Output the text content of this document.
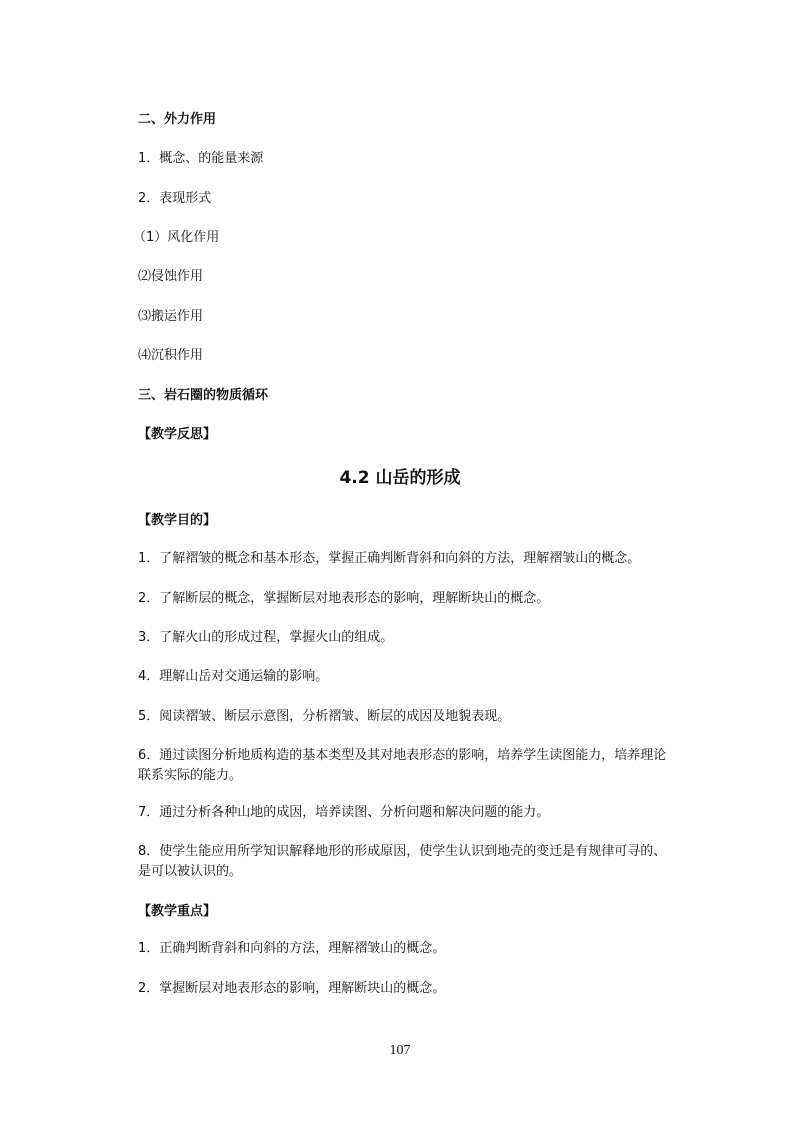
二、外力作用
1．概念、的能量来源
2．表现形式
（1）风化作用
⑵侵蚀作用
⑶搬运作用
⑷沉积作用
三、岩石圈的物质循环
【教学反思】
4.2 山岳的形成
【教学目的】
1．了解褶皱的概念和基本形态，掌握正确判断背斜和向斜的方法，理解褶皱山的概念。
2．了解断层的概念，掌握断层对地表形态的影响，理解断块山的概念。
3．了解火山的形成过程，掌握火山的组成。
4．理解山岳对交通运输的影响。
5．阅读褶皱、断层示意图，分析褶皱、断层的成因及地貌表现。
6．通过读图分析地质构造的基本类型及其对地表形态的影响，培养学生读图能力，培养理论联系实际的能力。
7．通过分析各种山地的成因，培养读图、分析问题和解决问题的能力。
8．使学生能应用所学知识解释地形的形成原因，使学生认识到地壳的变迁是有规律可寻的、是可以被认识的。
【教学重点】
1．正确判断背斜和向斜的方法，理解褶皱山的概念。
2．掌握断层对地表形态的影响，理解断块山的概念。
107
